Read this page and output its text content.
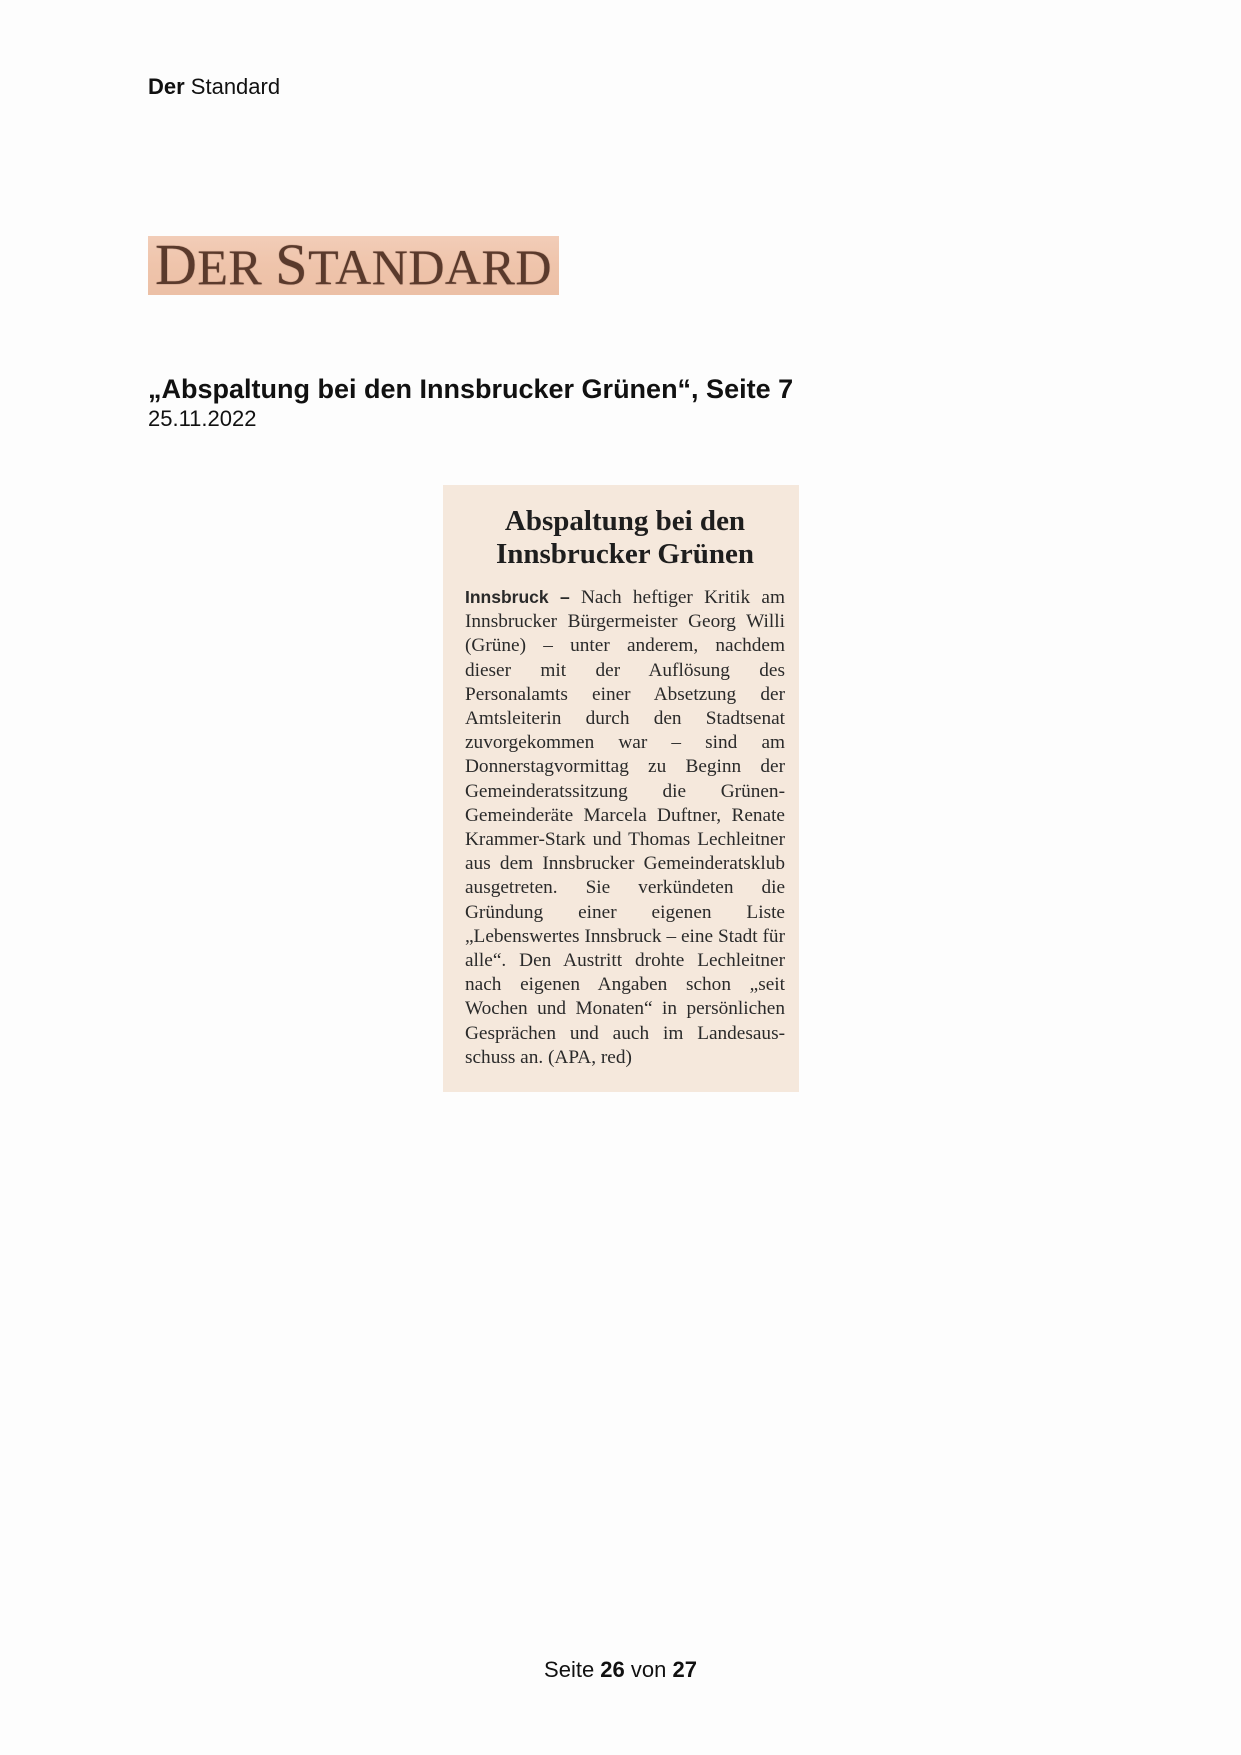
Der Standard
DER STANDARD
„Abspaltung bei den Innsbrucker Grünen“, Seite 7
25.11.2022
Abspaltung bei den
Innsbrucker Grünen
Innsbruck – Nach heftiger Kritik am Innsbrucker Bürgermeister Georg Willi (Grüne) – unter anderem, nachdem dieser mit der Auflösung des Personalamts einer Absetzung der Amtsleiterin durch den Stadtsenat zuvorgekommen war – sind am Donnerstagvormittag zu Beginn der Gemeinderatssitzung die Grünen-Gemeinderäte Marcela Duftner, Renate Krammer-Stark und Thomas Lechleitner aus dem Innsbrucker Gemeinderatsklub ausgetreten. Sie verkündeten die Gründung einer eigenen Liste „Lebenswertes Innsbruck – eine Stadt für alle“. Den Austritt drohte Lechleitner nach eigenen Angaben schon „seit Wochen und Monaten“ in persönlichen Gesprächen und auch im Landesausschuss an. (APA, red)
Seite 26 von 27
